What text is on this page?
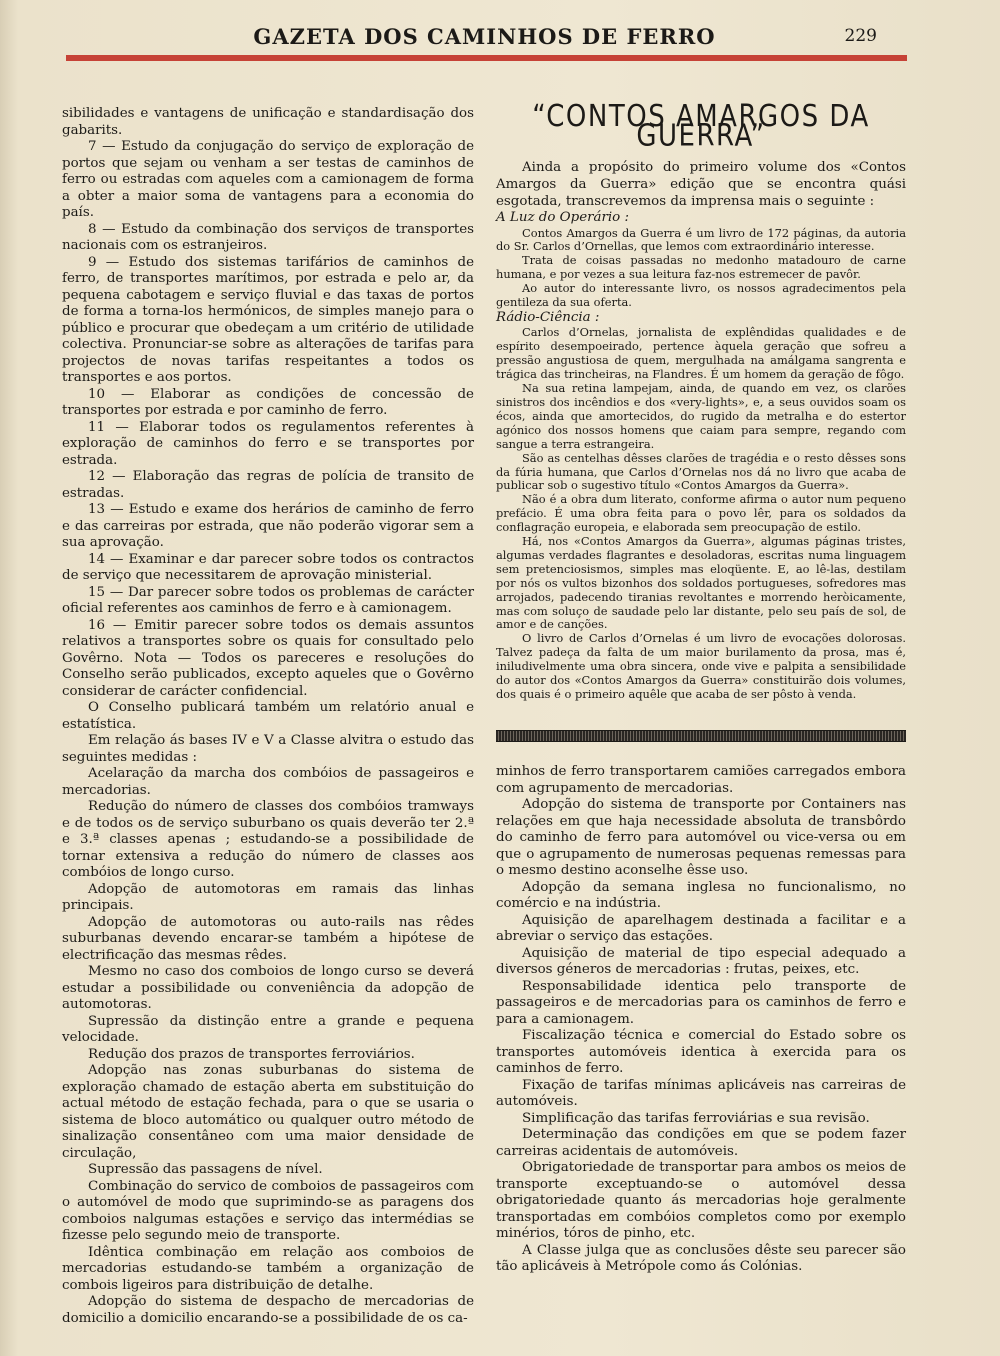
GAZETA DOS CAMINHOS DE FERRO	229

sibilidades e vantagens de unificação e standardisação dos gabarits.

7 — Estudo da conjugação do serviço de exploração de portos que sejam ou venham a ser testas de caminhos de ferro ou estradas com aqueles com a camionagem de forma a obter a maior soma de vantagens para a economia do país.

8 — Estudo da combinação dos serviços de transportes nacionais com os estranjeiros.

9 — Estudo dos sistemas tarifários de caminhos de ferro, de transportes marítimos, por estrada e pelo ar, da pequena cabotagem e serviço fluvial e das taxas de portos de forma a torna-los hermónicos, de simples manejo para o público e procurar que obedeçam a um critério de utilidade colectiva. Pronunciar-se sobre as alterações de tarifas para projectos de novas tarifas respeitantes a todos os transportes e aos portos.

10 — Elaborar as condições de concessão de transportes por estrada e por caminho de ferro.

11 — Elaborar todos os regulamentos referentes à exploração de caminhos do ferro e se transportes por estrada.

12 — Elaboração das regras de polícia de transito de estradas.

13 — Estudo e exame dos herários de caminho de ferro e das carreiras por estrada, que não poderão vigorar sem a sua aprovação.

14 — Examinar e dar parecer sobre todos os contractos de serviço que necessitarem de aprovação ministerial.

15 — Dar parecer sobre todos os problemas de carácter oficial referentes aos caminhos de ferro e à camionagem.

16 — Emitir parecer sobre todos os demais assuntos relativos a transportes sobre os quais for consultado pelo Govêrno. Nota — Todos os pareceres e resoluções do Conselho serão publicados, excepto aqueles que o Govêrno considerar de carácter confidencial.

O Conselho publicará também um relatório anual e estatística.

Em relação ás bases IV e V a Classe alvitra o estudo das seguintes medidas :

Acelaração da marcha dos combóios de passageiros e mercadorias.

Redução do número de classes dos combóios tramways e de todos os de serviço suburbano os quais deverão ter 2.ª e 3.ª classes apenas ; estudando-se a possibilidade de tornar extensiva a redução do número de classes aos combóios de longo curso.

Adopção de automotoras em ramais das linhas principais.

Adopção de automotoras ou auto-rails nas rêdes suburbanas devendo encarar-se também a hipótese de electrificação das mesmas rêdes.

Mesmo no caso dos comboios de longo curso se deverá estudar a possibilidade ou conveniência da adopção de automotoras.

Supressão da distinção entre a grande e pequena velocidade.

Redução dos prazos de transportes ferroviários.

Adopção nas zonas suburbanas do sistema de exploração chamado de estação aberta em substituição do actual método de estação fechada, para o que se usaria o sistema de bloco automático ou qualquer outro método de sinalização consentâneo com uma maior densidade de circulação,

Supressão das passagens de nível.

Combinação do servico de comboios de passageiros com o automóvel de modo que suprimindo-se as paragens dos comboios nalgumas estações e serviço das intermédias se fizesse pelo segundo meio de transporte.

Idêntica combinação em relação aos comboios de mercadorias estudando-se também a organização de combois ligeiros para distribuição de detalhe.

Adopção do sistema de despacho de mercadorias de domicilio a domicilio encarando-se a possibilidade de os ca-

“CONTOS AMARGOS DA GUERRA”

Ainda a propósito do primeiro volume dos «Contos Amargos da Guerra» edição que se encontra quási esgotada, transcrevemos da imprensa mais o seguinte :

A Luz do Operário :

Contos Amargos da Guerra é um livro de 172 páginas, da autoria do Sr. Carlos d’Ornellas, que lemos com extraordinário interesse.

Trata de coisas passadas no medonho matadouro de carne humana, e por vezes a sua leitura faz-nos estremecer de pavôr.

Ao autor do interessante livro, os nossos agradecimentos pela gentileza da sua oferta.

Rádio-Ciência :

Carlos d’Ornelas, jornalista de explêndidas qualidades e de espírito desempoeirado, pertence àquela geração que sofreu a pressão angustiosa de quem, mergulhada na amálgama sangrenta e trágica das trincheiras, na Flandres. É um homem da geração de fôgo.

Na sua retina lampejam, ainda, de quando em vez, os clarões sinistros dos incêndios e dos «very-lights», e, a seus ouvidos soam os écos, ainda que amortecidos, do rugido da metralha e do estertor agónico dos nossos homens que caiam para sempre, regando com sangue a terra estrangeira.

São as centelhas dêsses clarões de tragédia e o resto dêsses sons da fúria humana, que Carlos d’Ornelas nos dá no livro que acaba de publicar sob o sugestivo título «Contos Amargos da Guerra».

Não é a obra dum literato, conforme afirma o autor num pequeno prefácio. É uma obra feita para o povo lêr, para os soldados da conflagração europeia, e elaborada sem preocupação de estilo.

Há, nos «Contos Amargos da Guerra», algumas páginas tristes, algumas verdades flagrantes e desoladoras, escritas numa linguagem sem pretenciosismos, simples mas eloqüente. E, ao lê-las, destilam por nós os vultos bizonhos dos soldados portugueses, sofredores mas arrojados, padecendo tiranias revoltantes e morrendo heròicamente, mas com soluço de saudade pelo lar distante, pelo seu país de sol, de amor e de canções.

O livro de Carlos d’Ornelas é um livro de evocações dolorosas. Talvez padeça da falta de um maior burilamento da prosa, mas é, iniludivelmente uma obra sincera, onde vive e palpita a sensibilidade do autor dos «Contos Amargos da Guerra» constituirão dois volumes, dos quais é o primeiro aquêle que acaba de ser pôsto à venda.

minhos de ferro transportarem camiões carregados embora com agrupamento de mercadorias.

Adopção do sistema de transporte por Containers nas relações em que haja necessidade absoluta de transbôrdo do caminho de ferro para automóvel ou vice-versa ou em que o agrupamento de numerosas pequenas remessas para o mesmo destino aconselhe êsse uso.

Adopção da semana inglesa no funcionalismo, no comércio e na indústria.

Aquisição de aparelhagem destinada a facilitar e a abreviar o serviço das estações.

Aquisição de material de tipo especial adequado a diversos géneros de mercadorias : frutas, peixes, etc.

Responsabilidade identica pelo transporte de passageiros e de mercadorias para os caminhos de ferro e para a camionagem.

Fiscalização técnica e comercial do Estado sobre os transportes automóveis identica à exercida para os caminhos de ferro.

Fixação de tarifas mínimas aplicáveis nas carreiras de automóveis.

Simplificação das tarifas ferroviárias e sua revisão.

Determinação das condições em que se podem fazer carreiras acidentais de automóveis.

Obrigatoriedade de transportar para ambos os meios de transporte exceptuando-se o automóvel dessa obrigatoriedade quanto ás mercadorias hoje geralmente transportadas em combóios completos como por exemplo minérios, tóros de pinho, etc.

A Classe julga que as conclusões dêste seu parecer são tão aplicáveis à Metrópole como ás Colónias.
